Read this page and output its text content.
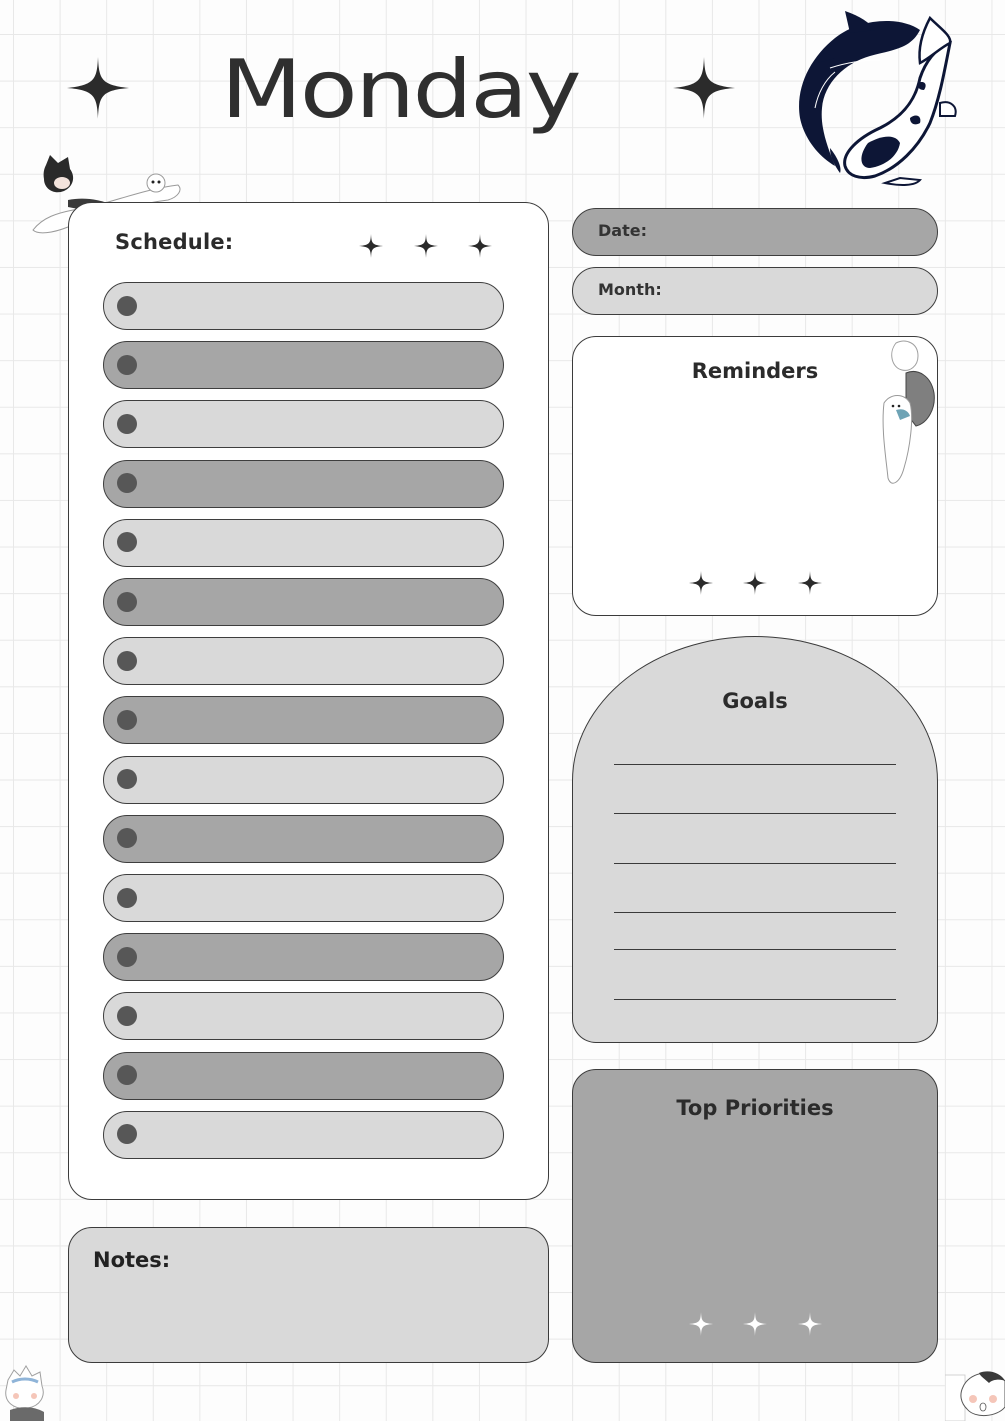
Monday
Schedule:	Date:
Month:
Reminders
Goals
Top Priorities
Notes:
